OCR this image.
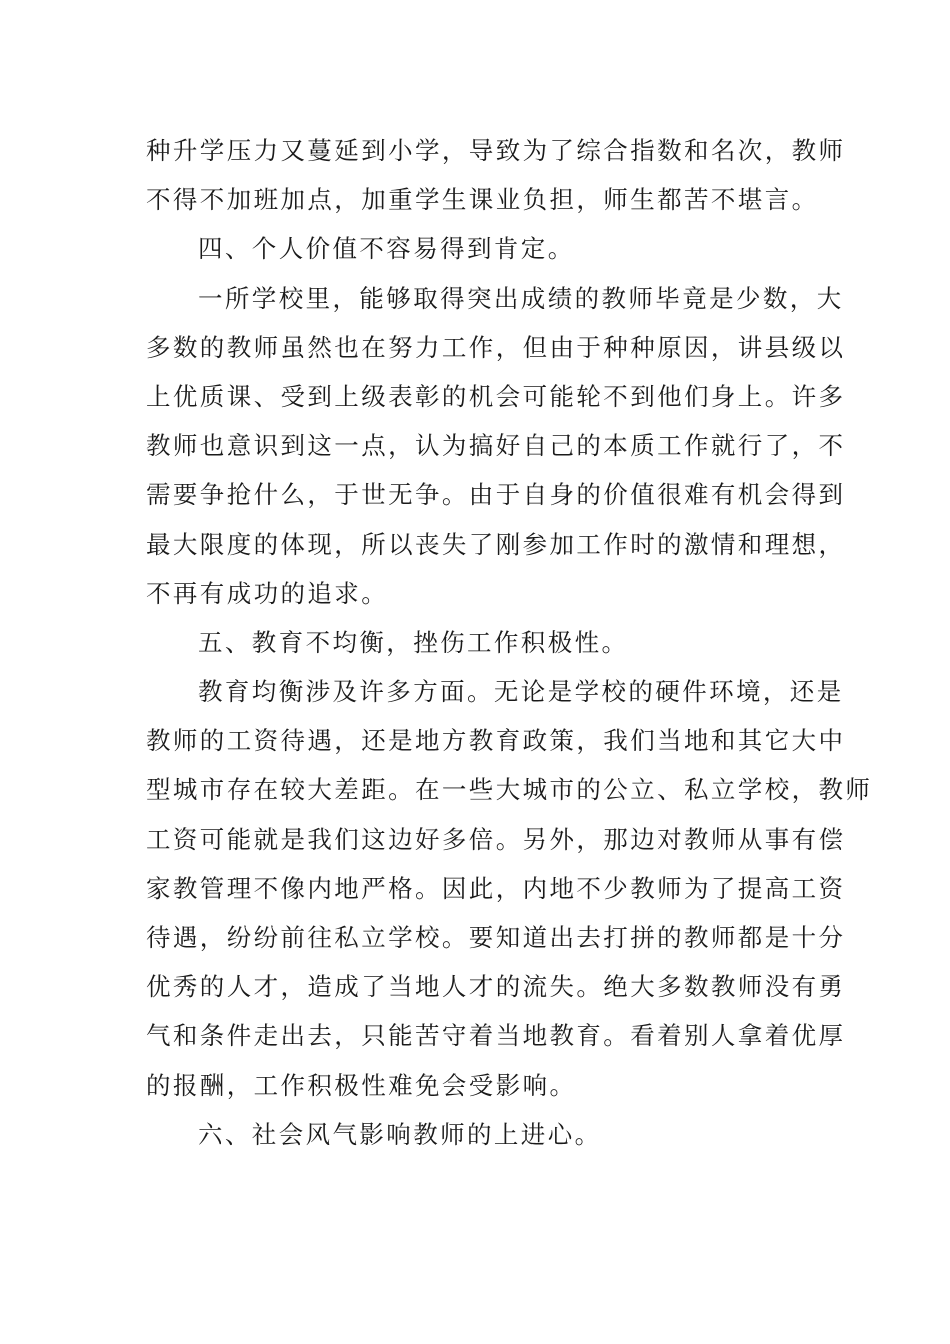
种升学压力又蔓延到小学，导致为了综合指数和名次，教师
不得不加班加点，加重学生课业负担，师生都苦不堪言。
四、个人价值不容易得到肯定。
一所学校里，能够取得突出成绩的教师毕竟是少数，大
多数的教师虽然也在努力工作，但由于种种原因，讲县级以
上优质课、受到上级表彰的机会可能轮不到他们身上。许多
教师也意识到这一点，认为搞好自己的本质工作就行了，不
需要争抢什么，于世无争。由于自身的价值很难有机会得到
最大限度的体现，所以丧失了刚参加工作时的激情和理想，
不再有成功的追求。
五、教育不均衡，挫伤工作积极性。
教育均衡涉及许多方面。无论是学校的硬件环境，还是
教师的工资待遇，还是地方教育政策，我们当地和其它大中
型城市存在较大差距。在一些大城市的公立、私立学校，教师
工资可能就是我们这边好多倍。另外，那边对教师从事有偿
家教管理不像内地严格。因此，内地不少教师为了提高工资
待遇，纷纷前往私立学校。要知道出去打拼的教师都是十分
优秀的人才，造成了当地人才的流失。绝大多数教师没有勇
气和条件走出去，只能苦守着当地教育。看着别人拿着优厚
的报酬，工作积极性难免会受影响。
六、社会风气影响教师的上进心。
